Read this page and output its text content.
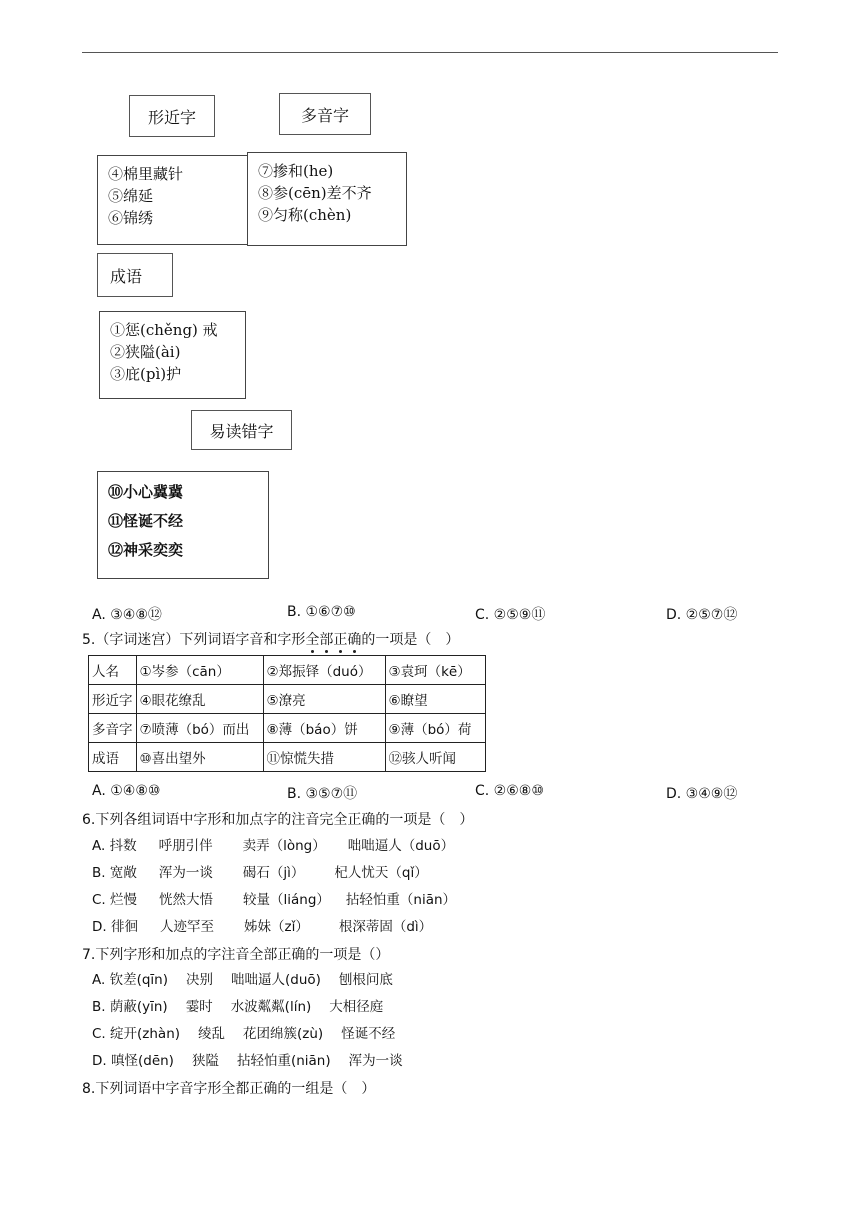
形近字	多音字
④棉里藏针
⑤绵延
⑥锦绣
⑦掺和(he)
⑧参(cēn)差不齐
⑨匀称(chèn)
成语
①惩(chěng) 戒
②狭隘(ài)
③庇(pì)护
易读错字
⑩小心冀冀
⑪怪诞不经
⑫神采奕奕
A. ③④⑧⑫	B. ①⑥⑦⑩	C. ②⑤⑨⑪	D. ②⑤⑦⑫
5.（字词迷宫）下列词语字音和字形全部正确的一项是（　）
人名	①岑参（cān）	②郑振铎（duó）	③袁珂（kē）
形近字	④眼花缭乱	⑤潦亮	⑥瞭望
多音字	⑦喷薄（bó）而出	⑧薄（báo）饼	⑨薄（bó）荷
成语	⑩喜出望外	⑪惊慌失措	⑫骇人听闻
A. ①④⑧⑩	B. ③⑤⑦⑪	C. ②⑥⑧⑩	D. ③④⑨⑫
6.下列各组词语中字形和加点字的注音完全正确的一项是（　）
A. 抖数 呼朋引伴 卖弄（lòng） 咄咄逼人（duō）
B. 宽敞 浑为一谈 碣石（jì） 杞人忧天（qǐ）
C. 烂慢 恍然大悟 较量（liáng） 拈轻怕重（niān）
D. 徘徊 人迹罕至 姊妹（zǐ） 根深蒂固（dì）
7.下列字形和加点的字注音全部正确的一项是（）
A. 钦差(qīn) 决别 咄咄逼人(duō) 刨根问底
B. 荫蔽(yīn) 霎时 水波粼粼(lín) 大相径庭
C. 绽开(zhàn) 绫乱 花团绵簇(zù) 怪诞不经
D. 嗔怪(dēn) 狭隘 拈轻怕重(niān) 浑为一谈
8.下列词语中字音字形全都正确的一组是（　）
